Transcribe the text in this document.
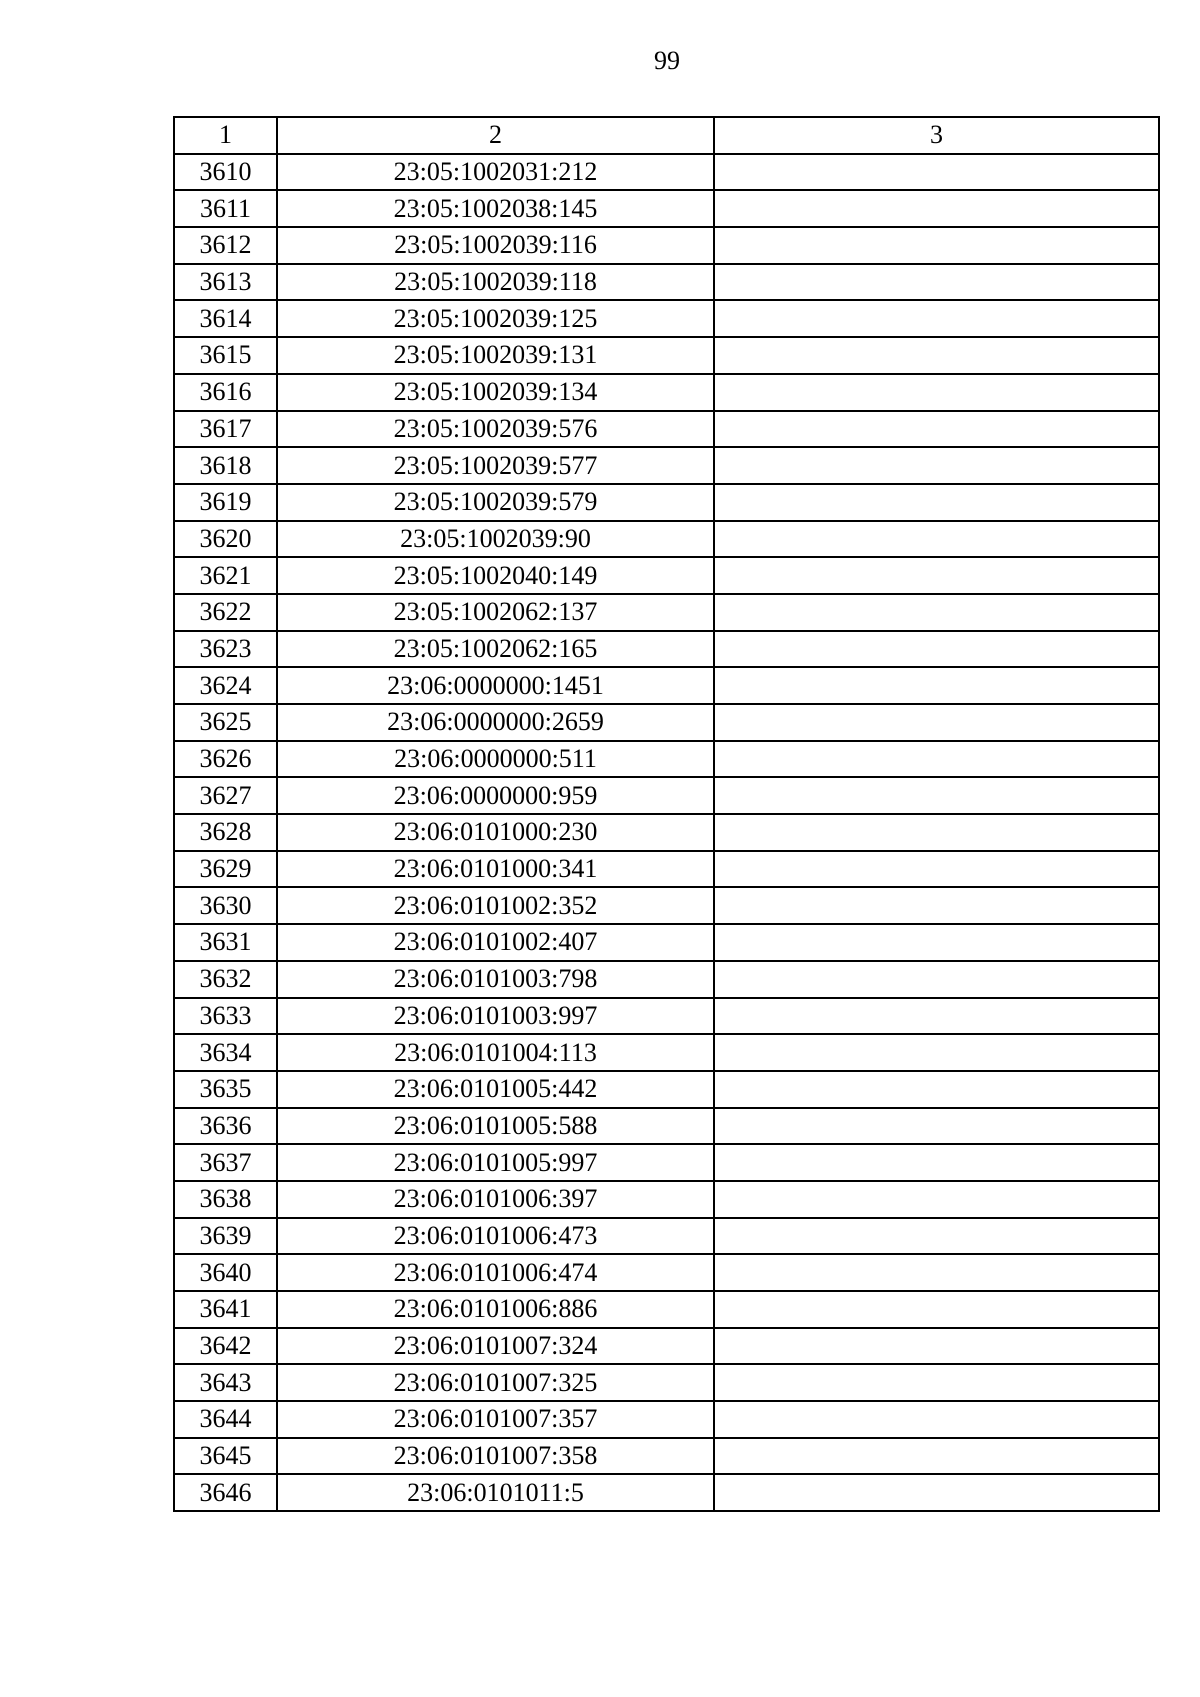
99
1	2	3
3610	23:05:1002031:212	
3611	23:05:1002038:145	
3612	23:05:1002039:116	
3613	23:05:1002039:118	
3614	23:05:1002039:125	
3615	23:05:1002039:131	
3616	23:05:1002039:134	
3617	23:05:1002039:576	
3618	23:05:1002039:577	
3619	23:05:1002039:579	
3620	23:05:1002039:90	
3621	23:05:1002040:149	
3622	23:05:1002062:137	
3623	23:05:1002062:165	
3624	23:06:0000000:1451	
3625	23:06:0000000:2659	
3626	23:06:0000000:511	
3627	23:06:0000000:959	
3628	23:06:0101000:230	
3629	23:06:0101000:341	
3630	23:06:0101002:352	
3631	23:06:0101002:407	
3632	23:06:0101003:798	
3633	23:06:0101003:997	
3634	23:06:0101004:113	
3635	23:06:0101005:442	
3636	23:06:0101005:588	
3637	23:06:0101005:997	
3638	23:06:0101006:397	
3639	23:06:0101006:473	
3640	23:06:0101006:474	
3641	23:06:0101006:886	
3642	23:06:0101007:324	
3643	23:06:0101007:325	
3644	23:06:0101007:357	
3645	23:06:0101007:358	
3646	23:06:0101011:5	
